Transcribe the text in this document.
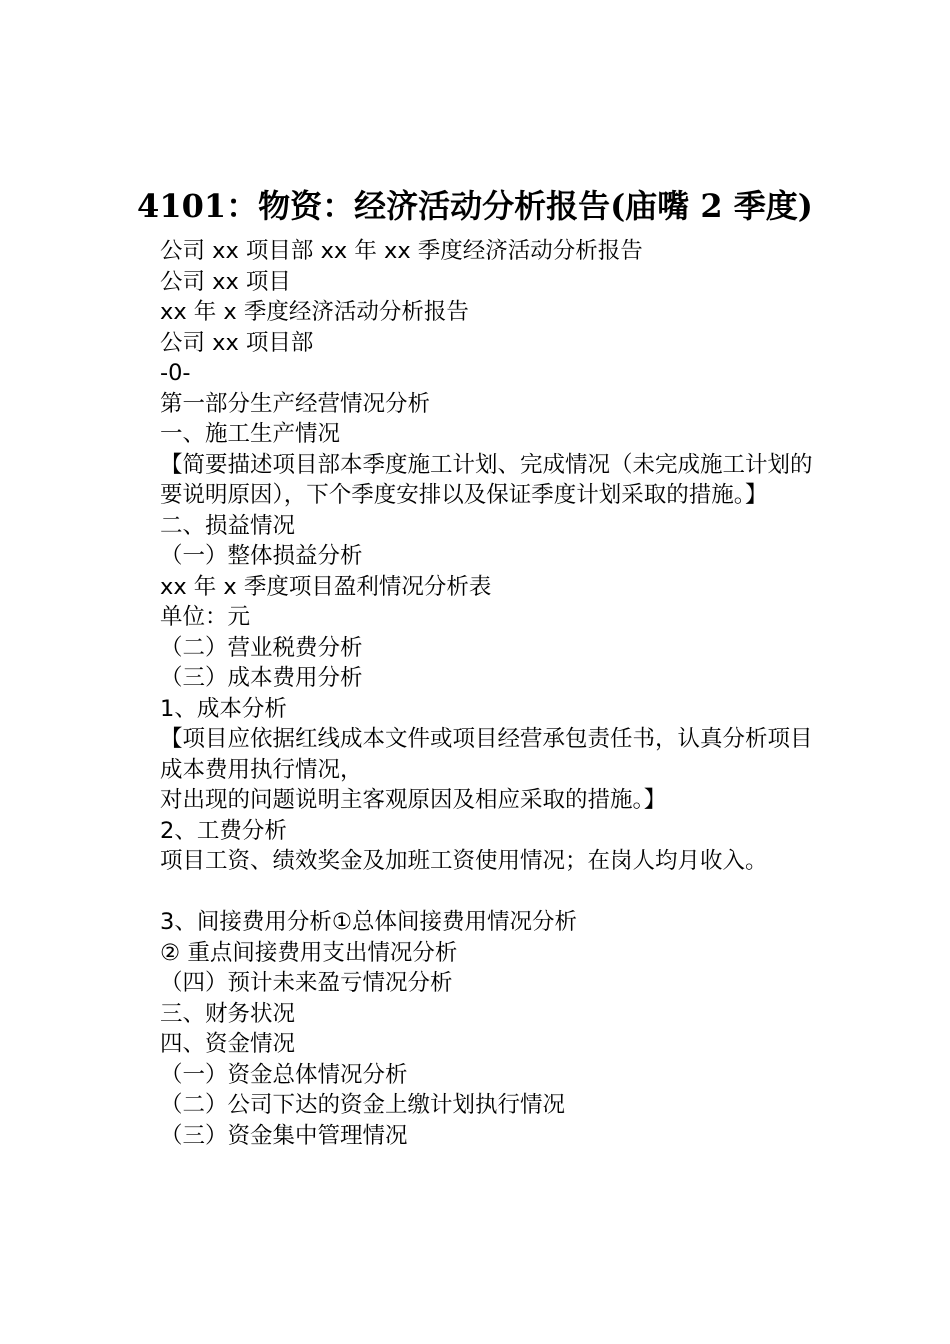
4101：物资：经济活动分析报告(庙嘴 2 季度)

公司 xx 项目部 xx 年 xx 季度经济活动分析报告

公司 xx 项目

xx 年 x 季度经济活动分析报告

公司 xx 项目部

-0-

第一部分生产经营情况分析

一、施工生产情况

【简要描述项目部本季度施工计划、完成情况（未完成施工计划的要说明原因），下个季度安排以及保证季度计划采取的措施。】

二、损益情况

（一）整体损益分析

xx 年 x 季度项目盈利情况分析表

单位：元

（二）营业税费分析

（三）成本费用分析

1、成本分析

【项目应依据红线成本文件或项目经营承包责任书，认真分析项目成本费用执行情况，

对出现的问题说明主客观原因及相应采取的措施。】

2、工费分析

项目工资、绩效奖金及加班工资使用情况；在岗人均月收入。

3、间接费用分析①总体间接费用情况分析

② 重点间接费用支出情况分析

（四）预计未来盈亏情况分析

三、财务状况

四、资金情况

（一）资金总体情况分析

（二）公司下达的资金上缴计划执行情况

（三）资金集中管理情况
